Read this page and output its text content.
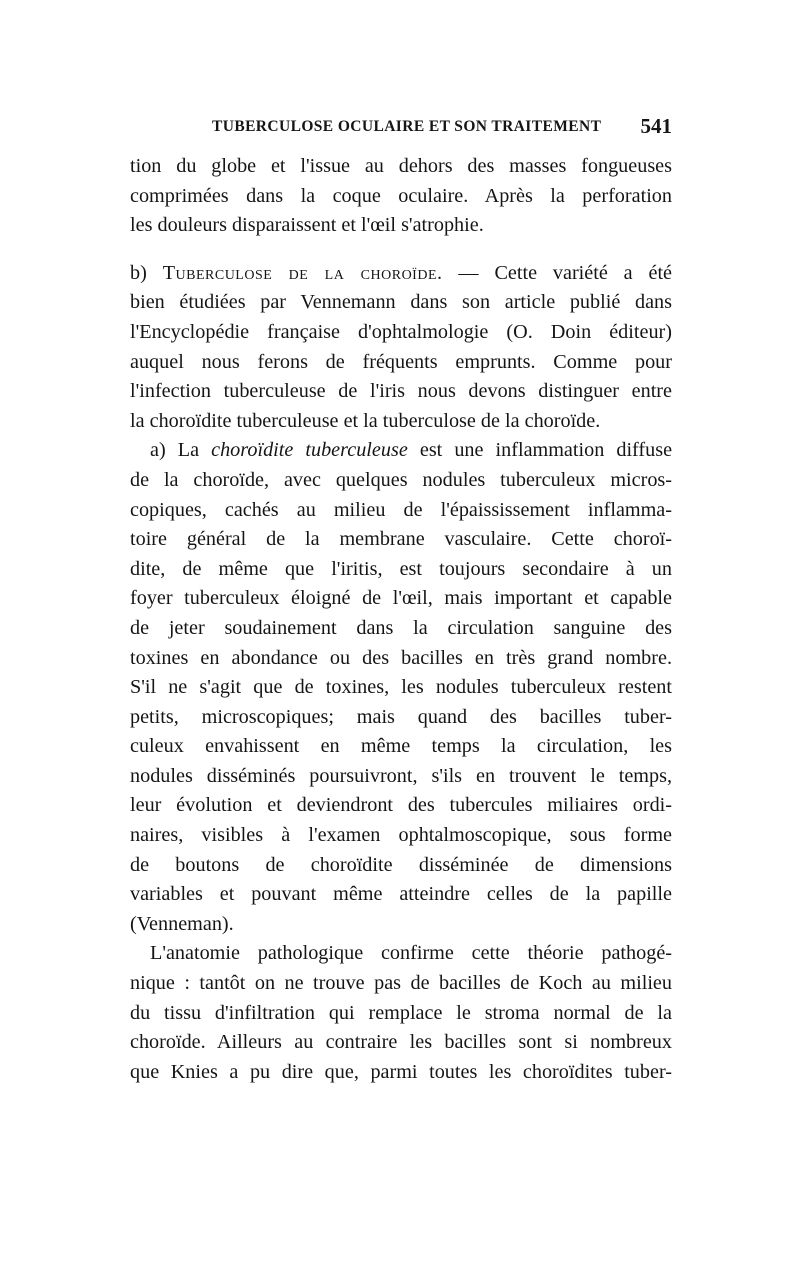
TUBERCULOSE OCULAIRE ET SON TRAITEMENT 541
tion du globe et l'issue au dehors des masses fongueuses
comprimées dans la coque oculaire. Après la perforation
les douleurs disparaissent et l'œil s'atrophie.
b) Tuberculose de la choroïde. — Cette variété a été
bien étudiées par Vennemann dans son article publié dans
l'Encyclopédie française d'ophtalmologie (O. Doin éditeur)
auquel nous ferons de fréquents emprunts. Comme pour
l'infection tuberculeuse de l'iris nous devons distinguer entre
la choroïdite tuberculeuse et la tuberculose de la choroïde.
a) La choroïdite tuberculeuse est une inflammation diffuse
de la choroïde, avec quelques nodules tuberculeux micros-
copiques, cachés au milieu de l'épaississement inflamma-
toire général de la membrane vasculaire. Cette choroï-
dite, de même que l'iritis, est toujours secondaire à un
foyer tuberculeux éloigné de l'œil, mais important et capable
de jeter soudainement dans la circulation sanguine des
toxines en abondance ou des bacilles en très grand nombre.
S'il ne s'agit que de toxines, les nodules tuberculeux restent
petits, microscopiques; mais quand des bacilles tuber-
culeux envahissent en même temps la circulation, les
nodules disséminés poursuivront, s'ils en trouvent le temps,
leur évolution et deviendront des tubercules miliaires ordi-
naires, visibles à l'examen ophtalmoscopique, sous forme
de boutons de choroïdite disséminée de dimensions
variables et pouvant même atteindre celles de la papille
(Venneman).
L'anatomie pathologique confirme cette théorie pathogé-
nique : tantôt on ne trouve pas de bacilles de Koch au milieu
du tissu d'infiltration qui remplace le stroma normal de la
choroïde. Ailleurs au contraire les bacilles sont si nombreux
que Knies a pu dire que, parmi toutes les choroïdites tuber-
